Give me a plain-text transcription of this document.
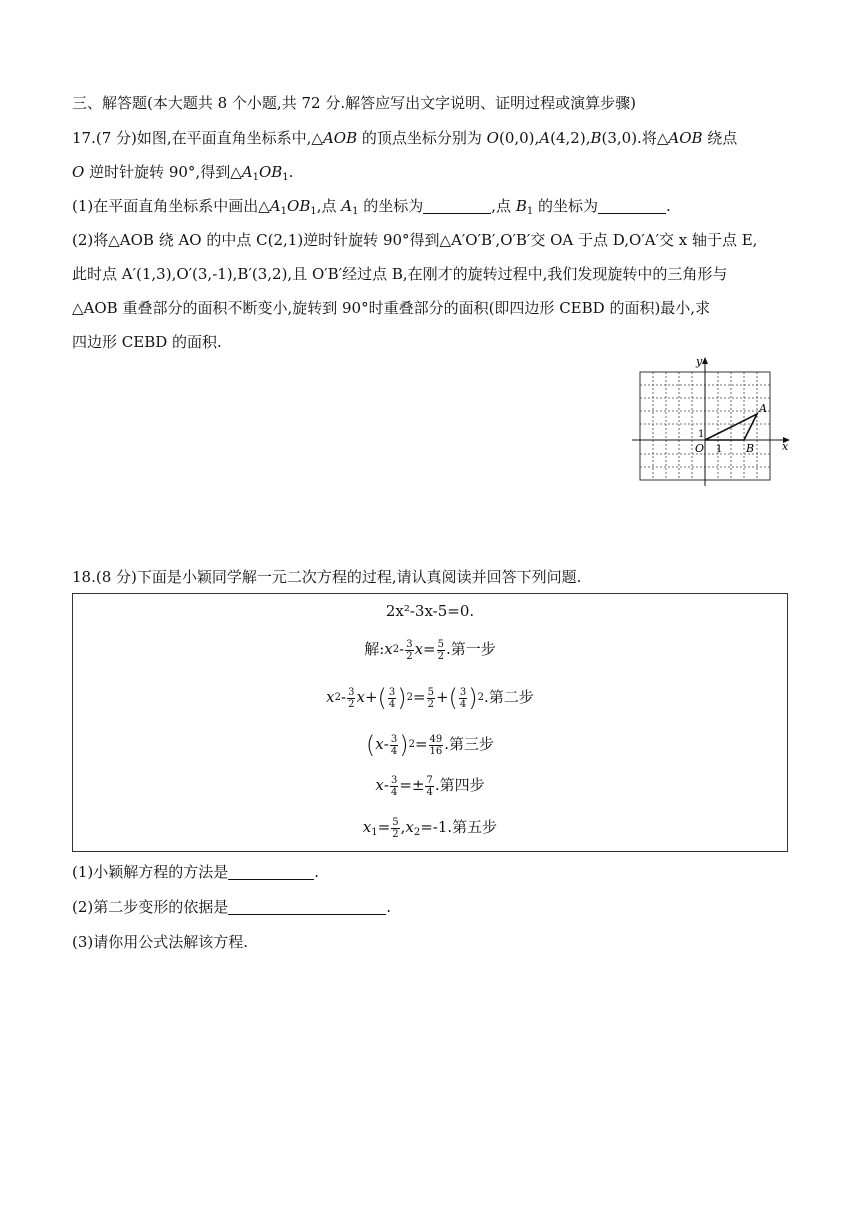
三、解答题(本大题共 8 个小题,共 72 分.解答应写出文字说明、证明过程或演算步骤)
17.(7 分)如图,在平面直角坐标系中,△AOB 的顶点坐标分别为 O(0,0),A(4,2),B(3,0).将△AOB 绕点
O 逆时针旋转 90°,得到$\triangle A_1OB_1$.
(1)在平面直角坐标系中画出$\triangle A_1OB_1$,点 $A_1$ 的坐标为	,点 $B_1$ 的坐标为	.
(2)将△AOB 绕 AO 的中点 C(2,1)逆时针旋转 90°得到△A′O′B′,O′B′交 OA 于点 D,O′A′交 x 轴于点 E,
此时点 A′(1,3),O′(3,-1),B′(3,2),且 O′B′经过点 B,在刚才的旋转过程中,我们发现旋转中的三角形与
△AOB 重叠部分的面积不断变小,旋转到 90°时重叠部分的面积(即四边形 CEBD 的面积)最小,求
四边形 CEBD 的面积.
y
x
A
B
O 1
1
18.(8 分)下面是小颖同学解一元二次方程的过程,请认真阅读并回答下列问题.
2x²-3x-5=0.
解:x2- $\frac{3}{2} x= \frac{5}{2}$ .第一步
$x2- \frac{3}{2} x+( \frac{3}{4} )2= \frac{5}{2}$ +( $\frac{3}{4} )2$.第二步
$(x- \frac{3}{4} )2= \frac{49}{16}$ .第三步
$x- \frac{3}{4} =\pm \frac{7}{4}$ .第四步
$x_1= \frac{5}{2} ,x_2=-1$.第五步
(1)小颖解方程的方法是	.
(2)第二步变形的依据是	.
(3)请你用公式法解该方程.
